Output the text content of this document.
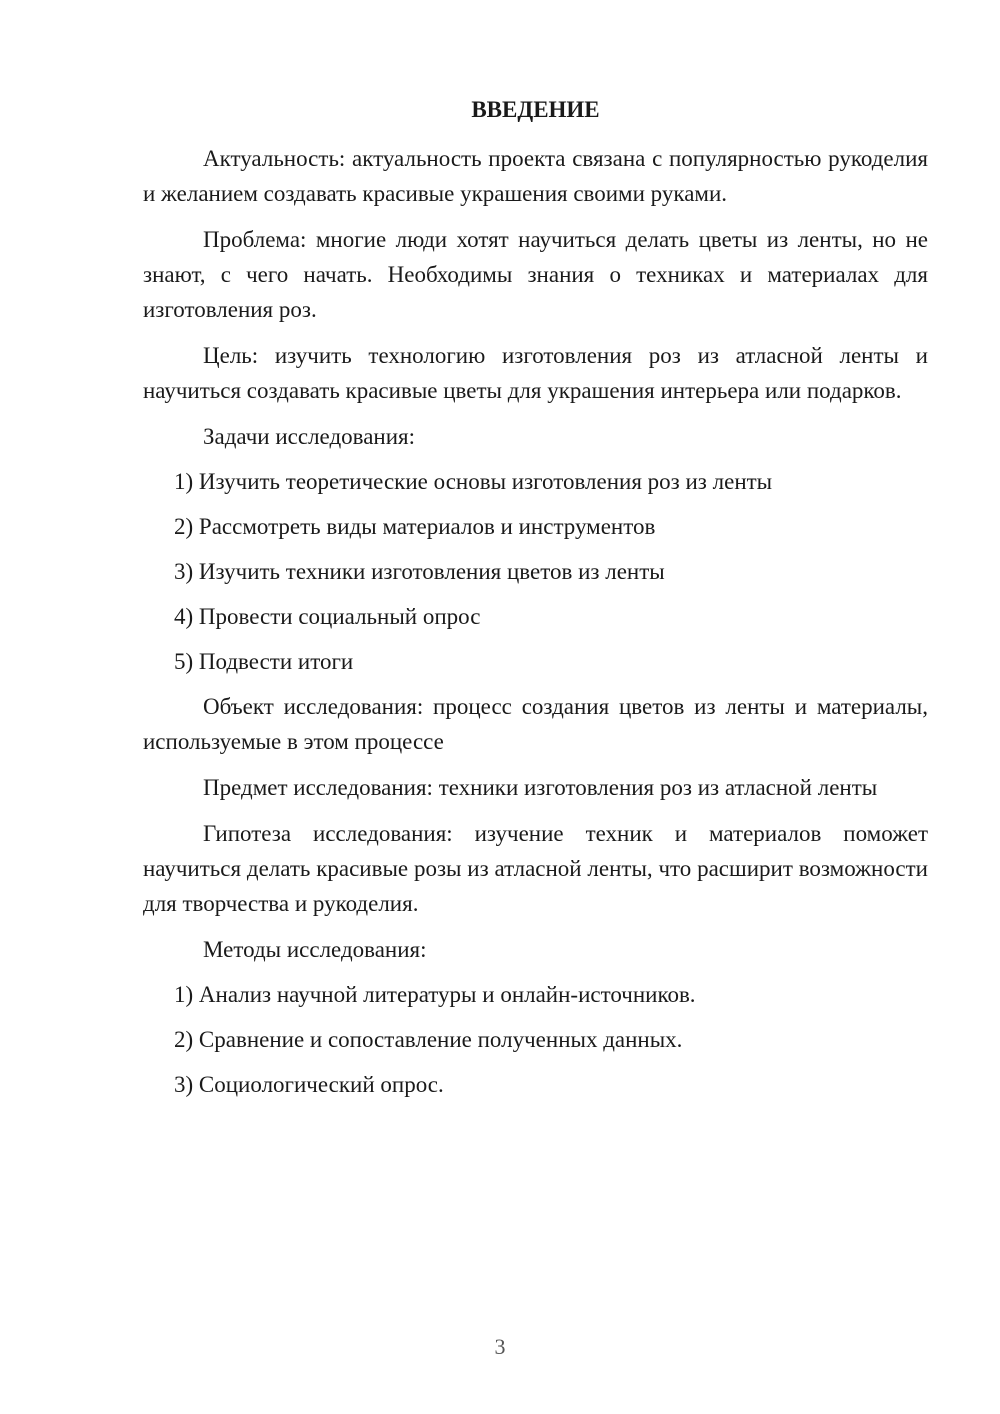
ВВЕДЕНИЕ

Актуальность: актуальность проекта связана с популярностью рукоделия и желанием создавать красивые украшения своими руками.

Проблема: многие люди хотят научиться делать цветы из ленты, но не знают, с чего начать. Необходимы знания о техниках и материалах для изготовления роз.

Цель: изучить технологию изготовления роз из атласной ленты и научиться создавать красивые цветы для украшения интерьера или подарков.

Задачи исследования:
1) Изучить теоретические основы изготовления роз из ленты
2) Рассмотреть виды материалов и инструментов
3) Изучить техники изготовления цветов из ленты
4) Провести социальный опрос
5) Подвести итоги

Объект исследования: процесс создания цветов из ленты и материалы, используемые в этом процессе

Предмет исследования: техники изготовления роз из атласной ленты

Гипотеза исследования: изучение техник и материалов поможет научиться делать красивые розы из атласной ленты, что расширит возможности для творчества и рукоделия.

Методы исследования:
1) Анализ научной литературы и онлайн-источников.
2) Сравнение и сопоставление полученных данных.
3) Социологический опрос.
3
